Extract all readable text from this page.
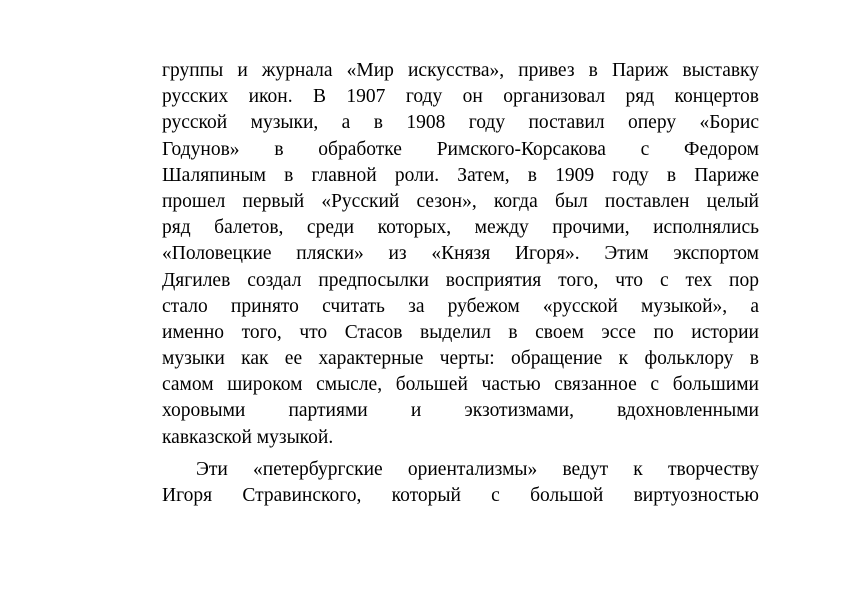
группы и журнала «Мир искусства», привез в Париж выставку
русских икон. В 1907 году он организовал ряд концертов
русской музыки, а в 1908 году поставил оперу «Борис
Годунов» в обработке Римского-Корсакова с Федором
Шаляпиным в главной роли. Затем, в 1909 году в Париже
прошел первый «Русский сезон», когда был поставлен целый
ряд балетов, среди которых, между прочими, исполнялись
«Половецкие пляски» из «Князя Игоря». Этим экспортом
Дягилев создал предпосылки восприятия того, что с тех пор
стало принято считать за рубежом «русской музыкой», а
именно того, что Стасов выделил в своем эссе по истории
музыки как ее характерные черты: обращение к фольклору в
самом широком смысле, большей частью связанное с большими
хоровыми партиями и экзотизмами, вдохновленными
кавказской музыкой.
Эти «петербургские ориентализмы» ведут к творчеству
Игоря Стравинского, который с большой виртуозностью
